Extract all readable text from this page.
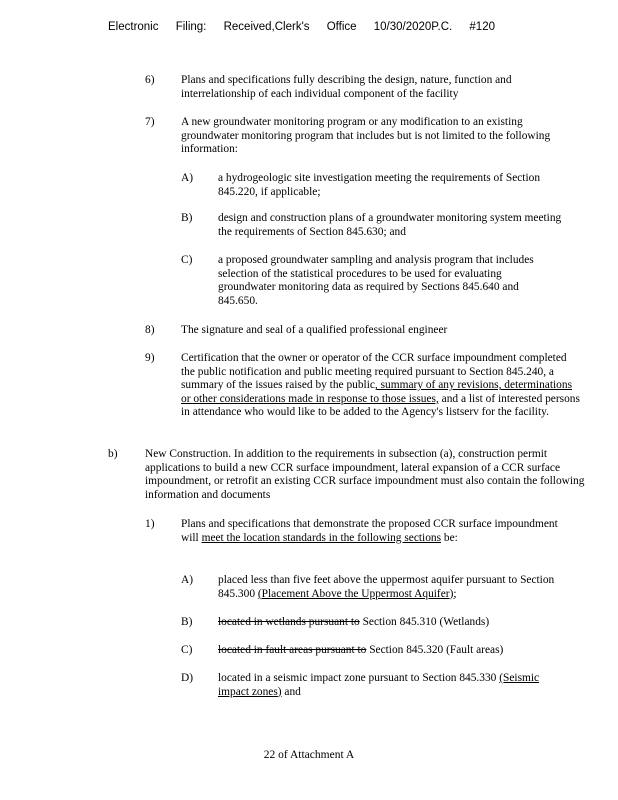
Electronic Filing: Received,Clerk's Office 10/30/2020P.C. #120
6) Plans and specifications fully describing the design, nature, function and interrelationship of each individual component of the facility
7) A new groundwater monitoring program or any modification to an existing groundwater monitoring program that includes but is not limited to the following information:
A) a hydrogeologic site investigation meeting the requirements of Section 845.220, if applicable;
B) design and construction plans of a groundwater monitoring system meeting the requirements of Section 845.630; and
C) a proposed groundwater sampling and analysis program that includes selection of the statistical procedures to be used for evaluating groundwater monitoring data as required by Sections 845.640 and 845.650.
8) The signature and seal of a qualified professional engineer
9) Certification that the owner or operator of the CCR surface impoundment completed the public notification and public meeting required pursuant to Section 845.240, a summary of the issues raised by the public, summary of any revisions, determinations or other considerations made in response to those issues, and a list of interested persons in attendance who would like to be added to the Agency's listserv for the facility.
b) New Construction. In addition to the requirements in subsection (a), construction permit applications to build a new CCR surface impoundment, lateral expansion of a CCR surface impoundment, or retrofit an existing CCR surface impoundment must also contain the following information and documents
1) Plans and specifications that demonstrate the proposed CCR surface impoundment will meet the location standards in the following sections be:
A) placed less than five feet above the uppermost aquifer pursuant to Section 845.300 (Placement Above the Uppermost Aquifer);
B) located in wetlands pursuant to Section 845.310 (Wetlands)
C) located in fault areas pursuant to Section 845.320 (Fault areas)
D) located in a seismic impact zone pursuant to Section 845.330 (Seismic impact zones) and
22 of Attachment A
